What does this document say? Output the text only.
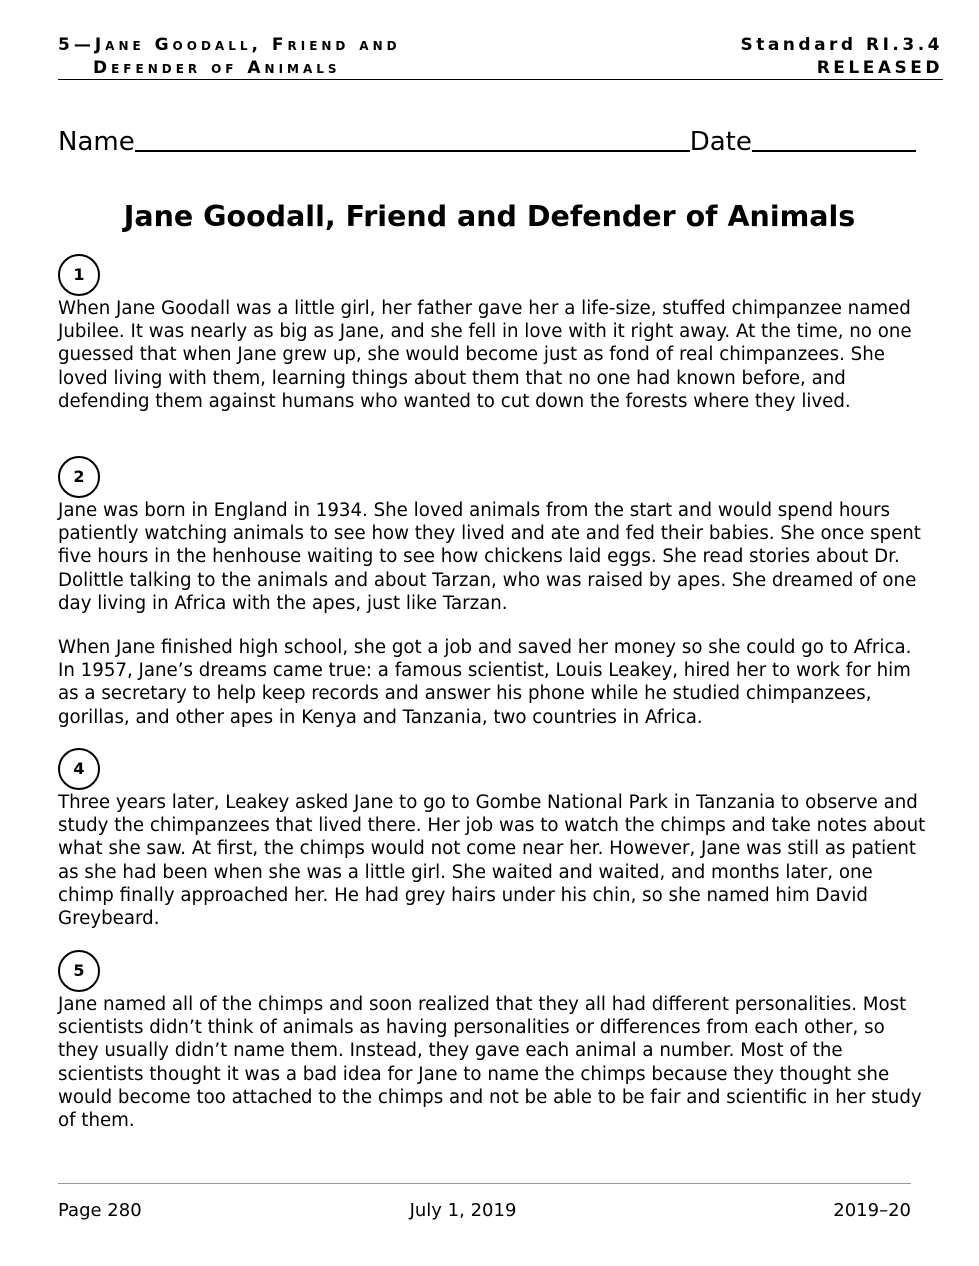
5—Jane Goodall, Friend and
Defender of Animals
Standard RI.3.4
RELEASED
Name	Date
Jane Goodall, Friend and Defender of Animals
1

When Jane Goodall was a little girl, her father gave her a life-size, stuffed chimpanzee named Jubilee. It was nearly as big as Jane, and she fell in love with it right away. At the time, no one guessed that when Jane grew up, she would become just as fond of real chimpanzees. She loved living with them, learning things about them that no one had known before, and defending them against humans who wanted to cut down the forests where they lived.

2

Jane was born in England in 1934. She loved animals from the start and would spend hours patiently watching animals to see how they lived and ate and fed their babies. She once spent five hours in the henhouse waiting to see how chickens laid eggs. She read stories about Dr. Dolittle talking to the animals and about Tarzan, who was raised by apes. She dreamed of one day living in Africa with the apes, just like Tarzan.

When Jane finished high school, she got a job and saved her money so she could go to Africa. In 1957, Jane’s dreams came true: a famous scientist, Louis Leakey, hired her to work for him as a secretary to help keep records and answer his phone while he studied chimpanzees, gorillas, and other apes in Kenya and Tanzania, two countries in Africa.

4

Three years later, Leakey asked Jane to go to Gombe National Park in Tanzania to observe and study the chimpanzees that lived there. Her job was to watch the chimps and take notes about what she saw. At first, the chimps would not come near her. However, Jane was still as patient as she had been when she was a little girl. She waited and waited, and months later, one chimp finally approached her. He had grey hairs under his chin, so she named him David Greybeard.

5

Jane named all of the chimps and soon realized that they all had different personalities. Most scientists didn’t think of animals as having personalities or differences from each other, so they usually didn’t name them. Instead, they gave each animal a number. Most of the scientists thought it was a bad idea for Jane to name the chimps because they thought she would become too attached to the chimps and not be able to be fair and scientific in her study of them.

Page 280	July 1, 2019	2019–20
